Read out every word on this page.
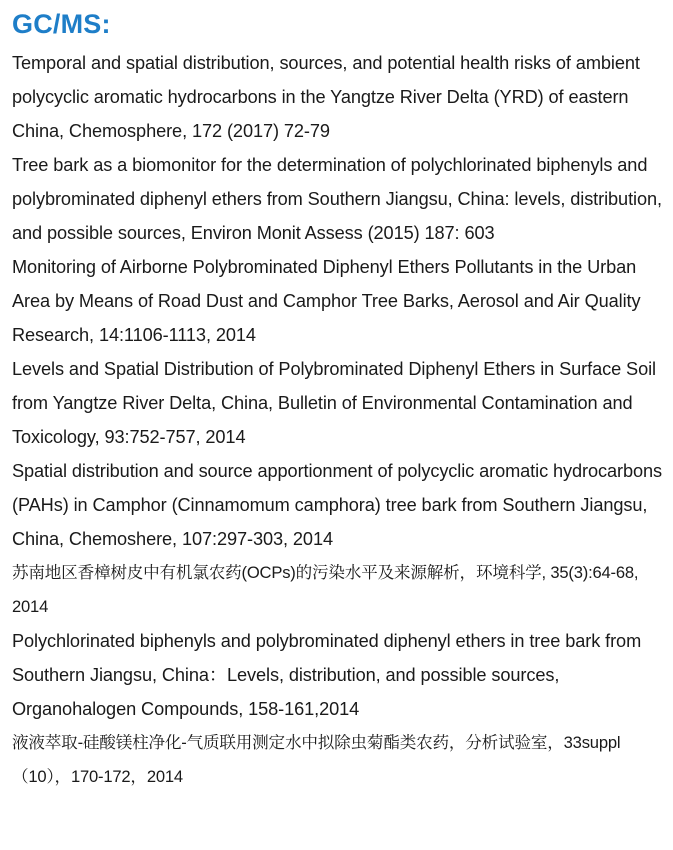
GC/MS:

Temporal and spatial distribution, sources, and potential health risks of ambient polycyclic aromatic hydrocarbons in the Yangtze River Delta (YRD) of eastern China, Chemosphere, 172 (2017) 72-79

Tree bark as a biomonitor for the determination of polychlorinated biphenyls and polybrominated diphenyl ethers from Southern Jiangsu, China: levels, distribution, and possible sources, Environ Monit Assess (2015) 187: 603

Monitoring of Airborne Polybrominated Diphenyl Ethers Pollutants in the Urban Area by Means of Road Dust and Camphor Tree Barks, Aerosol and Air Quality Research, 14:1106-1113, 2014

Levels and Spatial Distribution of Polybrominated Diphenyl Ethers in Surface Soil from Yangtze River Delta, China, Bulletin of Environmental Contamination and Toxicology, 93:752-757, 2014

Spatial distribution and source apportionment of polycyclic aromatic hydrocarbons (PAHs) in Camphor (Cinnamomum camphora) tree bark from Southern Jiangsu, China, Chemoshere, 107:297-303, 2014

苏南地区香樟树皮中有机氯农药(OCPs)的污染水平及来源解析，环境科学, 35(3):64-68, 2014

Polychlorinated biphenyls and polybrominated diphenyl ethers in tree bark from Southern Jiangsu, China：Levels, distribution, and possible sources, Organohalogen Compounds, 158-161,2014

液液萃取-硅酸镁柱净化-气质联用测定水中拟除虫菊酯类农药，分析试验室，33suppl（10），170-172，2014
